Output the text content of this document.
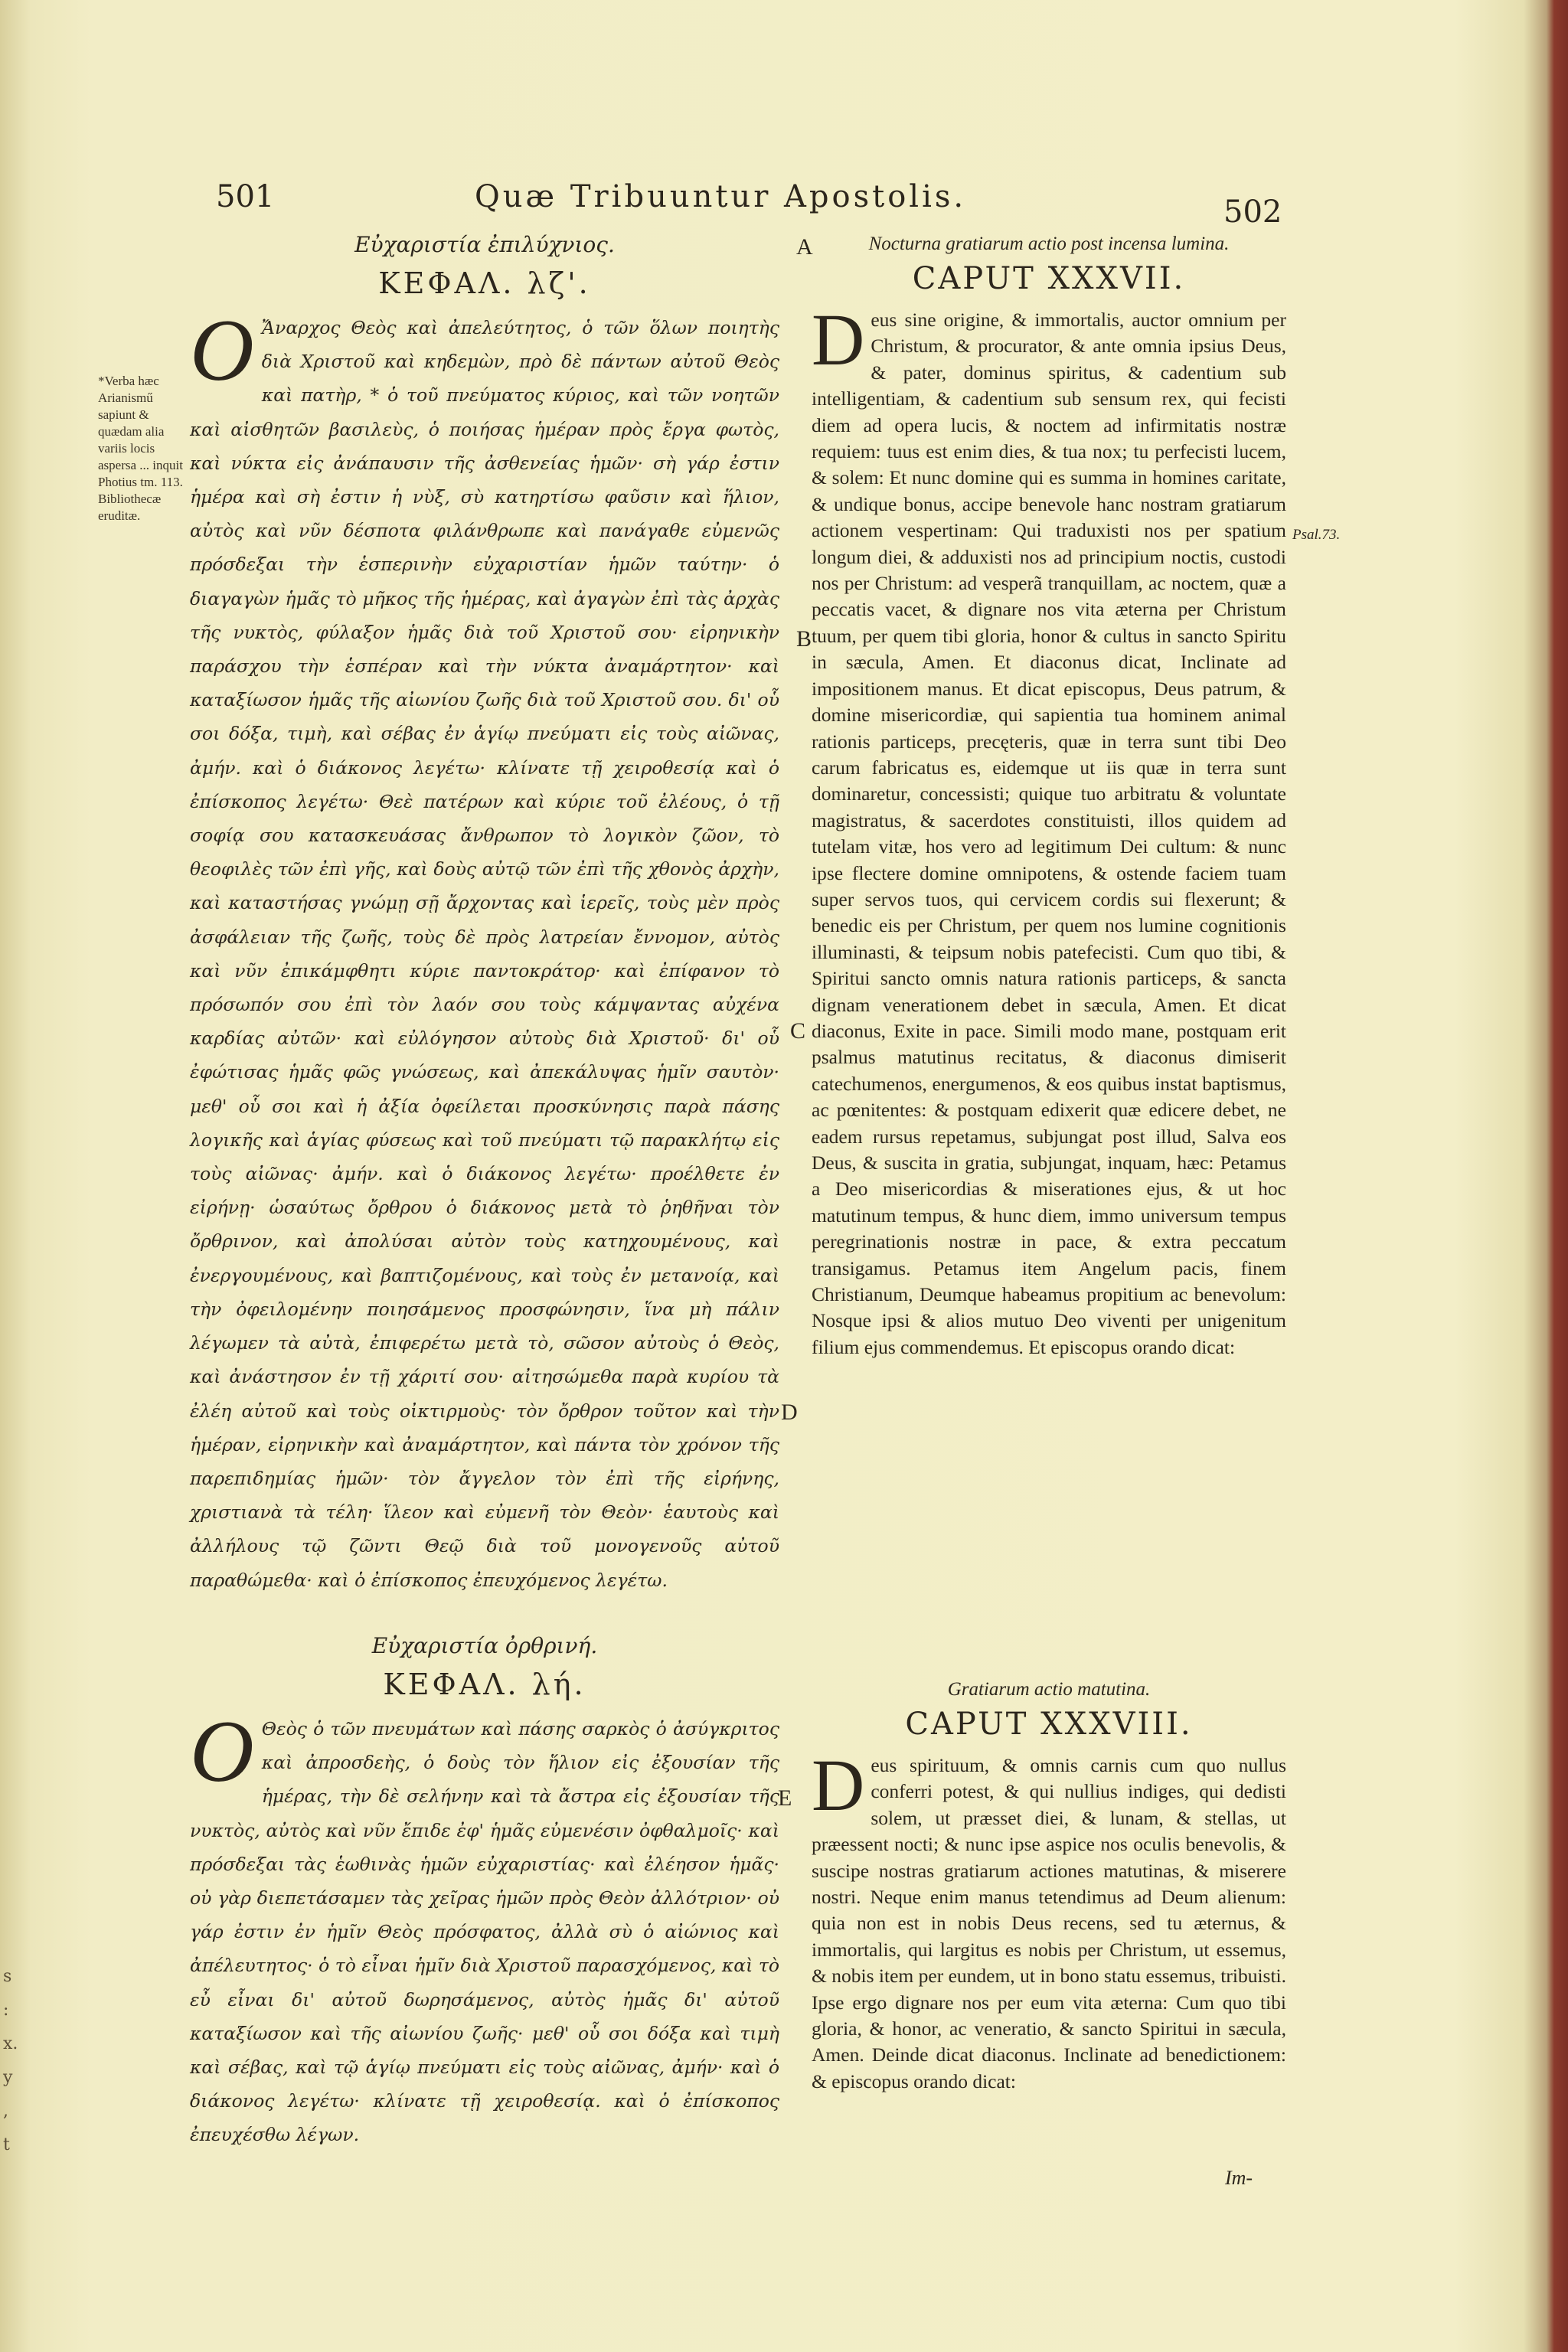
501	Quæ Tribuuntur Apostolis.	502
*Verba hæc Arianismű sapiunt & quædam alia variis locis aspersa ... inquit Photius tm. 113. Bibliothecæ eruditæ.
A
B
C
D
E
Psal.73.
s
:
x.
y
,
t
Εὐχαριστία ἐπιλύχνιος.
ΚΕΦΑΛ. λζ'.

Ο Ἄναρχος Θεὸς καὶ ἀπελεύτητος, ὁ τῶν ὅλων ποιητὴς διὰ Χριστοῦ καὶ κηδεμὼν, πρὸ δὲ πάντων αὐτοῦ Θεὸς καὶ πατὴρ, * ὁ τοῦ πνεύματος κύριος, καὶ τῶν νοητῶν καὶ αἰσθητῶν βασιλεὺς, ὁ ποιήσας ἡμέραν πρὸς ἔργα φωτὸς, καὶ νύκτα εἰς ἀνάπαυσιν τῆς ἀσθενείας ἡμῶν· σὴ γάρ ἐστιν ἡμέρα καὶ σὴ ἐστιν ἡ νὺξ, σὺ κατηρτίσω φαῦσιν καὶ ἥλιον, αὐτὸς καὶ νῦν δέσποτα φιλάνθρωπε καὶ πανάγαθε εὐμενῶς πρόσδεξαι τὴν ἑσπερινὴν εὐχαριστίαν ἡμῶν ταύτην· ὁ διαγαγὼν ἡμᾶς τὸ μῆκος τῆς ἡμέρας, καὶ ἀγαγὼν ἐπὶ τὰς ἀρχὰς τῆς νυκτὸς, φύλαξον ἡμᾶς διὰ τοῦ Χριστοῦ σου· εἰρηνικὴν παράσχου τὴν ἑσπέραν καὶ τὴν νύκτα ἀναμάρτητον· καὶ καταξίωσον ἡμᾶς τῆς αἰωνίου ζωῆς διὰ τοῦ Χριστοῦ σου. δι' οὗ σοι δόξα, τιμὴ, καὶ σέβας ἐν ἁγίῳ πνεύματι εἰς τοὺς αἰῶνας, ἀμήν. καὶ ὁ διάκονος λεγέτω· κλίνατε τῇ χειροθεσίᾳ καὶ ὁ ἐπίσκοπος λεγέτω· Θεὲ πατέρων καὶ κύριε τοῦ ἐλέους, ὁ τῇ σοφίᾳ σου κατασκευάσας ἄνθρωπον τὸ λογικὸν ζῶον, τὸ θεοφιλὲς τῶν ἐπὶ γῆς, καὶ δοὺς αὐτῷ τῶν ἐπὶ τῆς χθονὸς ἀρχὴν, καὶ καταστήσας γνώμῃ σῇ ἄρχοντας καὶ ἱερεῖς, τοὺς μὲν πρὸς ἀσφάλειαν τῆς ζωῆς, τοὺς δὲ πρὸς λατρείαν ἔννομον, αὐτὸς καὶ νῦν ἐπικάμφθητι κύριε παντοκράτορ· καὶ ἐπίφανον τὸ πρόσωπόν σου ἐπὶ τὸν λαόν σου τοὺς κάμψαντας αὐχένα καρδίας αὐτῶν· καὶ εὐλόγησον αὐτοὺς διὰ Χριστοῦ· δι' οὗ ἐφώτισας ἡμᾶς φῶς γνώσεως, καὶ ἀπεκάλυψας ἡμῖν σαυτὸν· μεθ' οὗ σοι καὶ ἡ ἀξία ὀφείλεται προσκύνησις παρὰ πάσης λογικῆς καὶ ἁγίας φύσεως καὶ τοῦ πνεύματι τῷ παρακλήτῳ εἰς τοὺς αἰῶνας· ἀμήν. καὶ ὁ διάκονος λεγέτω· προέλθετε ἐν εἰρήνῃ· ὡσαύτως ὄρθρου ὁ διάκονος μετὰ τὸ ῥηθῆναι τὸν ὄρθρινον, καὶ ἀπολύσαι αὐτὸν τοὺς κατηχουμένους, καὶ ἐνεργουμένους, καὶ βαπτιζομένους, καὶ τοὺς ἐν μετανοίᾳ, καὶ τὴν ὀφειλομένην ποιησάμενος προσφώνησιν, ἵνα μὴ πάλιν λέγωμεν τὰ αὐτὰ, ἐπιφερέτω μετὰ τὸ, σῶσον αὐτοὺς ὁ Θεὸς, καὶ ἀνάστησον ἐν τῇ χάριτί σου· αἰτησώμεθα παρὰ κυρίου τὰ ἐλέη αὐτοῦ καὶ τοὺς οἰκτιρμοὺς· τὸν ὄρθρον τοῦτον καὶ τὴν ἡμέραν, εἰρηνικὴν καὶ ἀναμάρτητον, καὶ πάντα τὸν χρόνον τῆς παρεπιδημίας ἡμῶν· τὸν ἄγγελον τὸν ἐπὶ τῆς εἰρήνης, χριστιανὰ τὰ τέλη· ἵλεον καὶ εὐμενῆ τὸν Θεὸν· ἑαυτοὺς καὶ ἀλλήλους τῷ ζῶντι Θεῷ διὰ τοῦ μονογενοῦς αὐτοῦ παραθώμεθα· καὶ ὁ ἐπίσκοπος ἐπευχόμενος λεγέτω.

Εὐχαριστία ὀρθρινή.
ΚΕΦΑΛ. λή.

Ο Θεὸς ὁ τῶν πνευμάτων καὶ πάσης σαρκὸς ὁ ἀσύγκριτος καὶ ἀπροσδεὴς, ὁ δοὺς τὸν ἥλιον εἰς ἐξουσίαν τῆς ἡμέρας, τὴν δὲ σελήνην καὶ τὰ ἄστρα εἰς ἐξουσίαν τῆς νυκτὸς, αὐτὸς καὶ νῦν ἔπιδε ἐφ' ἡμᾶς εὐμενέσιν ὀφθαλμοῖς· καὶ πρόσδεξαι τὰς ἑωθινὰς ἡμῶν εὐχαριστίας· καὶ ἐλέησον ἡμᾶς· οὐ γὰρ διεπετάσαμεν τὰς χεῖρας ἡμῶν πρὸς Θεὸν ἀλλότριον· οὐ γάρ ἐστιν ἐν ἡμῖν Θεὸς πρόσφατος, ἀλλὰ σὺ ὁ αἰώνιος καὶ ἀπέλευτητος· ὁ τὸ εἶναι ἡμῖν διὰ Χριστοῦ παρασχόμενος, καὶ τὸ εὖ εἶναι δι' αὐτοῦ δωρησάμενος, αὐτὸς ἡμᾶς δι' αὐτοῦ καταξίωσον καὶ τῆς αἰωνίου ζωῆς· μεθ' οὗ σοι δόξα καὶ τιμὴ καὶ σέβας, καὶ τῷ ἁγίῳ πνεύματι εἰς τοὺς αἰῶνας, ἀμήν· καὶ ὁ διάκονος λεγέτω· κλίνατε τῇ χειροθεσίᾳ. καὶ ὁ ἐπίσκοπος ἐπευχέσθω λέγων.

Nocturna gratiarum actio post incensa lumina.
CAPUT XXXVII.

D eus sine origine, & immortalis, auctor omnium per Christum, & procurator, & ante omnia ipsius Deus, & pater, dominus spiritus, & cadentium sub intelligentiam, & cadentium sub sensum rex, qui fecisti diem ad opera lucis, & noctem ad infirmitatis nostræ requiem: tuus est enim dies, & tua nox; tu perfecisti lucem, & solem: Et nunc domine qui es summa in homines caritate, & undique bonus, accipe benevole hanc nostram gratiarum actionem vespertinam: Qui traduxisti nos per spatium longum diei, & adduxisti nos ad principium noctis, custodi nos per Christum: ad vesperã tranquillam, ac noctem, quæ a peccatis vacet, & dignare nos vita æterna per Christum tuum, per quem tibi gloria, honor & cultus in sancto Spiritu in sæcula, Amen. Et diaconus dicat, Inclinate ad impositionem manus. Et dicat episcopus, Deus patrum, & domine misericordiæ, qui sapientia tua hominem animal rationis particeps, precęteris, quæ in terra sunt tibi Deo carum fabricatus es, eidemque ut iis quæ in terra sunt dominaretur, concessisti; quique tuo arbitratu & voluntate magistratus, & sacerdotes constituisti, illos quidem ad tutelam vitæ, hos vero ad legitimum Dei cultum: & nunc ipse flectere domine omnipotens, & ostende faciem tuam super servos tuos, qui cervicem cordis sui flexerunt; & benedic eis per Christum, per quem nos lumine cognitionis illuminasti, & teipsum nobis patefecisti. Cum quo tibi, & Spiritui sancto omnis natura rationis particeps, & sancta dignam venerationem debet in sæcula, Amen. Et dicat diaconus, Exite in pace. Simili modo mane, postquam erit psalmus matutinus recitatus, & diaconus dimiserit catechumenos, energumenos, & eos quibus instat baptismus, ac pœnitentes: & postquam edixerit quæ edicere debet, ne eadem rursus repetamus, subjungat post illud, Salva eos Deus, & suscita in gratia, subjungat, inquam, hæc: Petamus a Deo misericordias & miserationes ejus, & ut hoc matutinum tempus, & hunc diem, immo universum tempus peregrinationis nostræ in pace, & extra peccatum transigamus. Petamus item Angelum pacis, finem Christianum, Deumque habeamus propitium ac benevolum: Nosque ipsi & alios mutuo Deo viventi per unigenitum filium ejus commendemus. Et episcopus orando dicat:

Gratiarum actio matutina.
CAPUT XXXVIII.

D eus spirituum, & omnis carnis cum quo nullus conferri potest, & qui nullius indiges, qui dedisti solem, ut præsset diei, & lunam, & stellas, ut præessent nocti; & nunc ipse aspice nos oculis benevolis, & suscipe nostras gratiarum actiones matutinas, & miserere nostri. Neque enim manus tetendimus ad Deum alienum: quia non est in nobis Deus recens, sed tu æternus, & immortalis, qui largitus es nobis per Christum, ut essemus, & nobis item per eundem, ut in bono statu essemus, tribuisti. Ipse ergo dignare nos per eum vita æterna: Cum quo tibi gloria, & honor, ac veneratio, & sancto Spiritui in sæcula, Amen. Deinde dicat diaconus. Inclinate ad benedictionem: & episcopus orando dicat:

Im-
